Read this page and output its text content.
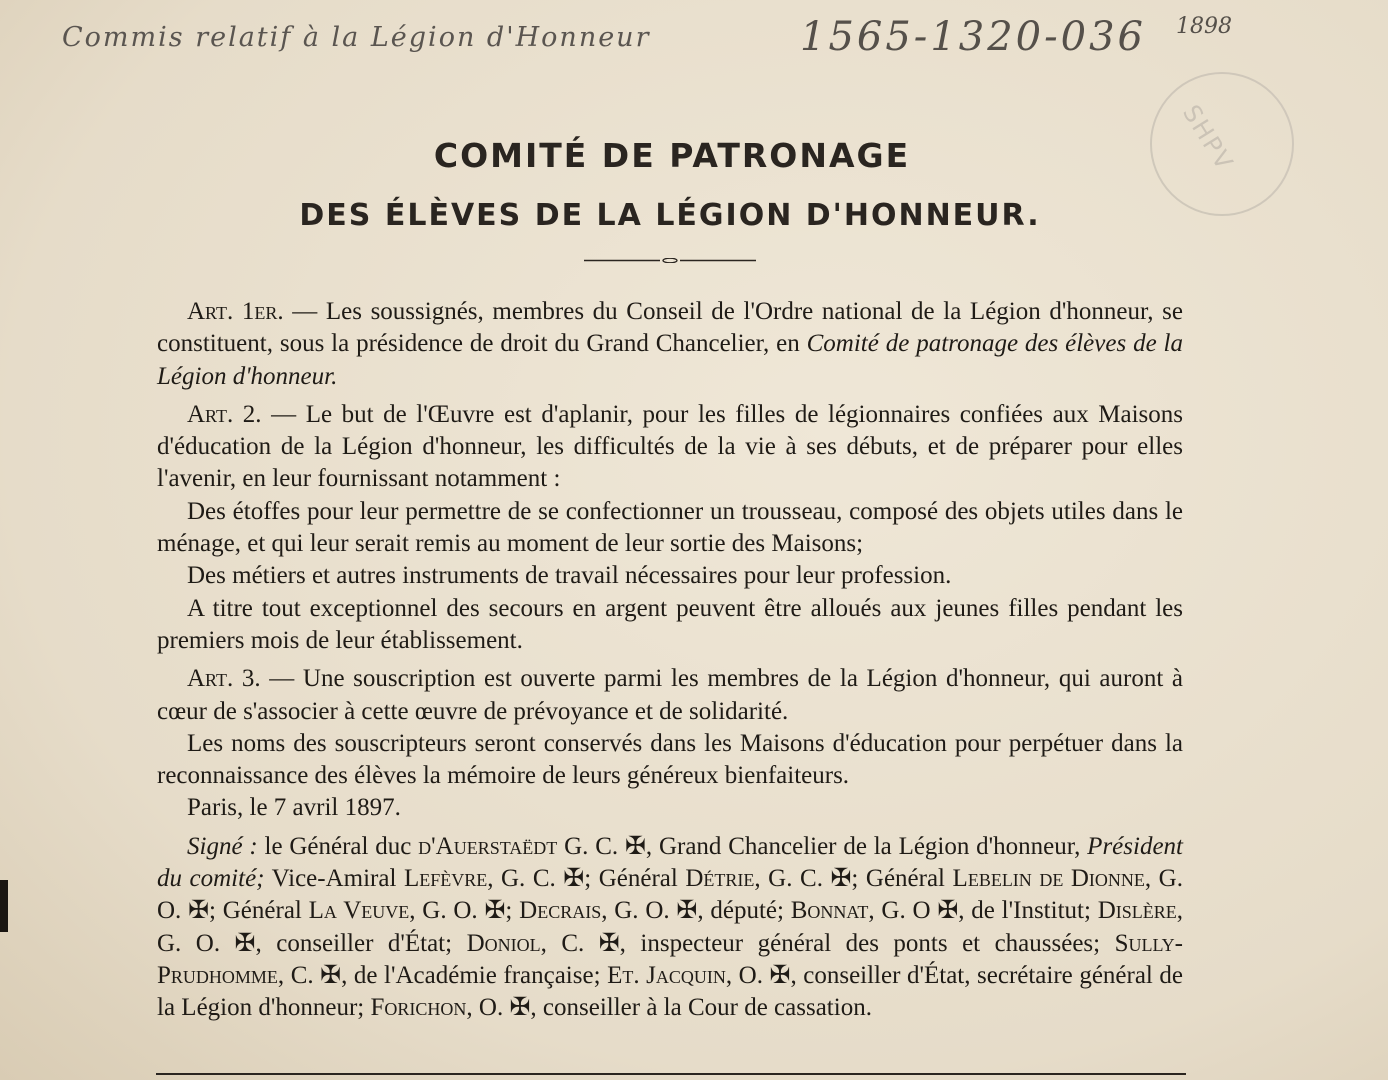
Commis relatif à la Légion d'Honneur	1565-1320-036 1898
SHPV
COMITÉ DE PATRONAGE
DES ÉLÈVES DE LA LÉGION D'HONNEUR.

Art. 1er. — Les soussignés, membres du Conseil de l'Ordre national de la Légion d'honneur, se constituent, sous la présidence de droit du Grand Chancelier, en Comité de patronage des élèves de la Légion d'honneur.

Art. 2. — Le but de l'Œuvre est d'aplanir, pour les filles de légionnaires confiées aux Maisons d'éducation de la Légion d'honneur, les difficultés de la vie à ses débuts, et de préparer pour elles l'avenir, en leur fournissant notamment :

Des étoffes pour leur permettre de se confectionner un trousseau, composé des objets utiles dans le ménage, et qui leur serait remis au moment de leur sortie des Maisons;

Des métiers et autres instruments de travail nécessaires pour leur profession.

A titre tout exceptionnel des secours en argent peuvent être alloués aux jeunes filles pendant les premiers mois de leur établissement.

Art. 3. — Une souscription est ouverte parmi les membres de la Légion d'honneur, qui auront à cœur de s'associer à cette œuvre de prévoyance et de solidarité.

Les noms des souscripteurs seront conservés dans les Maisons d'éducation pour perpétuer dans la reconnaissance des élèves la mémoire de leurs généreux bienfaiteurs.

Paris, le 7 avril 1897.

Signé : le Général duc d'Auerstaëdt G. C. ✠, Grand Chancelier de la Légion d'honneur, Président du comité; Vice-Amiral Lefèvre, G. C. ✠; Général Détrie, G. C. ✠; Général Lebelin de Dionne, G. O. ✠; Général La Veuve, G. O. ✠; Decrais, G. O. ✠, député; Bonnat, G. O ✠, de l'Institut; Dislère, G. O. ✠, conseiller d'État; Doniol, C. ✠, inspecteur général des ponts et chaussées; Sully-Prudhomme, C. ✠, de l'Académie française; Et. Jacquin, O. ✠, conseiller d'État, secrétaire général de la Légion d'honneur; Forichon, O. ✠, conseiller à la Cour de cassation.
